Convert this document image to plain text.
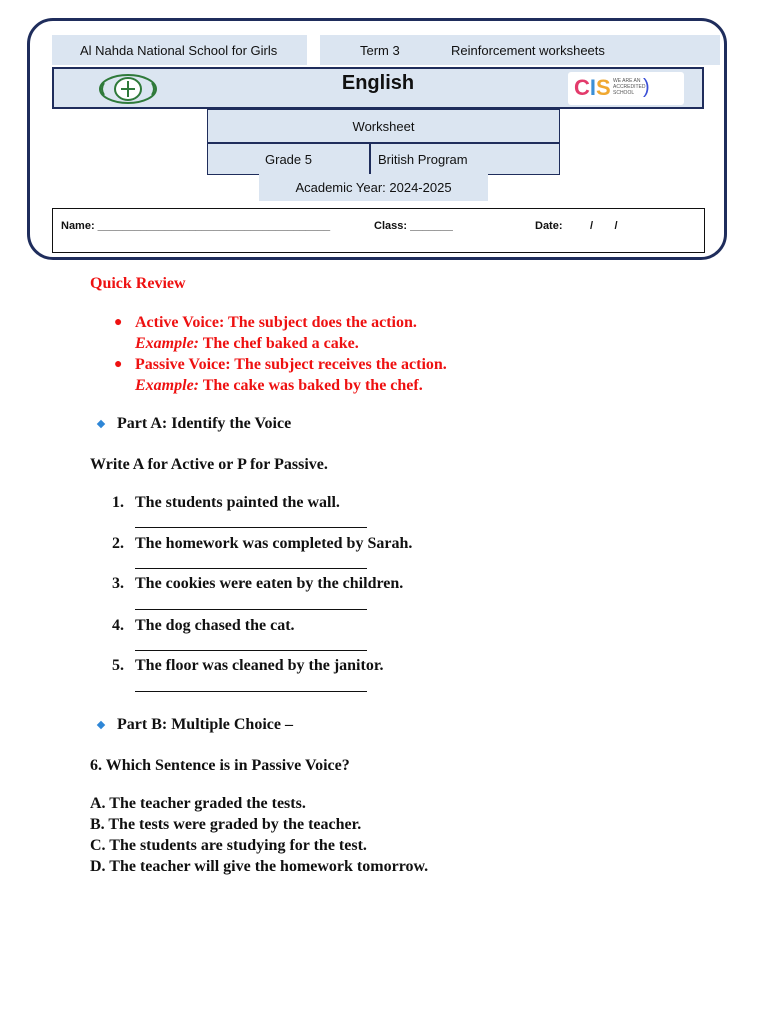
Al Nahda National School for Girls	Term 3	Reinforcement worksheets
English	CIS WE ARE AN ACCREDITED SCHOOL )
Worksheet
Grade 5	British Program
Academic Year: 2024-2025
Name: ______________________________________	Class: _______	Date: /       /
Quick Review
● Active Voice: The subject does the action.
Example: The chef baked a cake.
● Passive Voice: The subject receives the action.
Example: The cake was baked by the chef.
Part A: Identify the Voice
Write A for Active or P for Passive.
1. The students painted the wall.
2. The homework was completed by Sarah.
3. The cookies were eaten by the children.
4. The dog chased the cat.
5. The floor was cleaned by the janitor.
Part B: Multiple Choice –
6. Which Sentence is in Passive Voice?
A. The teacher graded the tests.
B. The tests were graded by the teacher.
C. The students are studying for the test.
D. The teacher will give the homework tomorrow.
